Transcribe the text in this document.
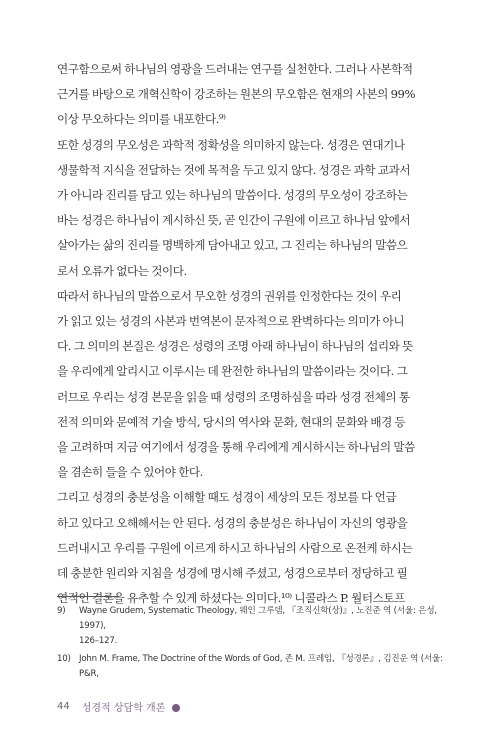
연구함으로써 하나님의 영광을 드러내는 연구를 실천한다. 그러나 사본학적
근거를 바탕으로 개혁신학이 강조하는 원본의 무오함은 현재의 사본의 99%
이상 무오하다는 의미를 내포한다.⁹⁾

또한 성경의 무오성은 과학적 정확성을 의미하지 않는다. 성경은 연대기나
생물학적 지식을 전달하는 것에 목적을 두고 있지 않다. 성경은 과학 교과서
가 아니라 진리를 담고 있는 하나님의 말씀이다. 성경의 무오성이 강조하는
바는 성경은 하나님이 계시하신 뜻, 곧 인간이 구원에 이르고 하나님 앞에서
살아가는 삶의 진리를 명백하게 담아내고 있고, 그 진리는 하나님의 말씀으
로서 오류가 없다는 것이다.

따라서 하나님의 말씀으로서 무오한 성경의 권위를 인정한다는 것이 우리
가 읽고 있는 성경의 사본과 번역본이 문자적으로 완벽하다는 의미가 아니
다. 그 의미의 본질은 성경은 성령의 조명 아래 하나님이 하나님의 섭리와 뜻
을 우리에게 알리시고 이루시는 데 완전한 하나님의 말씀이라는 것이다. 그
러므로 우리는 성경 본문을 읽을 때 성령의 조명하심을 따라 성경 전체의 통
전적 의미와 문예적 기술 방식, 당시의 역사와 문화, 현대의 문화와 배경 등
을 고려하며 지금 여기에서 성경을 통해 우리에게 계시하시는 하나님의 말씀
을 겸손히 들을 수 있어야 한다.

그리고 성경의 충분성을 이해할 때도 성경이 세상의 모든 정보를 다 언급
하고 있다고 오해해서는 안 된다. 성경의 충분성은 하나님이 자신의 영광을
드러내시고 우리를 구원에 이르게 하시고 하나님의 사람으로 온전케 하시는
데 충분한 원리와 지침을 성경에 명시해 주셨고, 성경으로부터 정당하고 필
연적인 결론을 유추할 수 있게 하셨다는 의미다.¹⁰⁾ 니콜라스 P. 월터스토프

9)	Wayne Grudem, Systematic Theology, 웨인 그루뎀, 『조직신학(상)』, 노진준 역 (서울: 은성, 1997),
126–127.
10) John M. Frame, The Doctrine of the Words of God, 존 M. 프레임, 『성경론』, 김진운 역 (서울: P&R,
44 성경적 상담학 개론
